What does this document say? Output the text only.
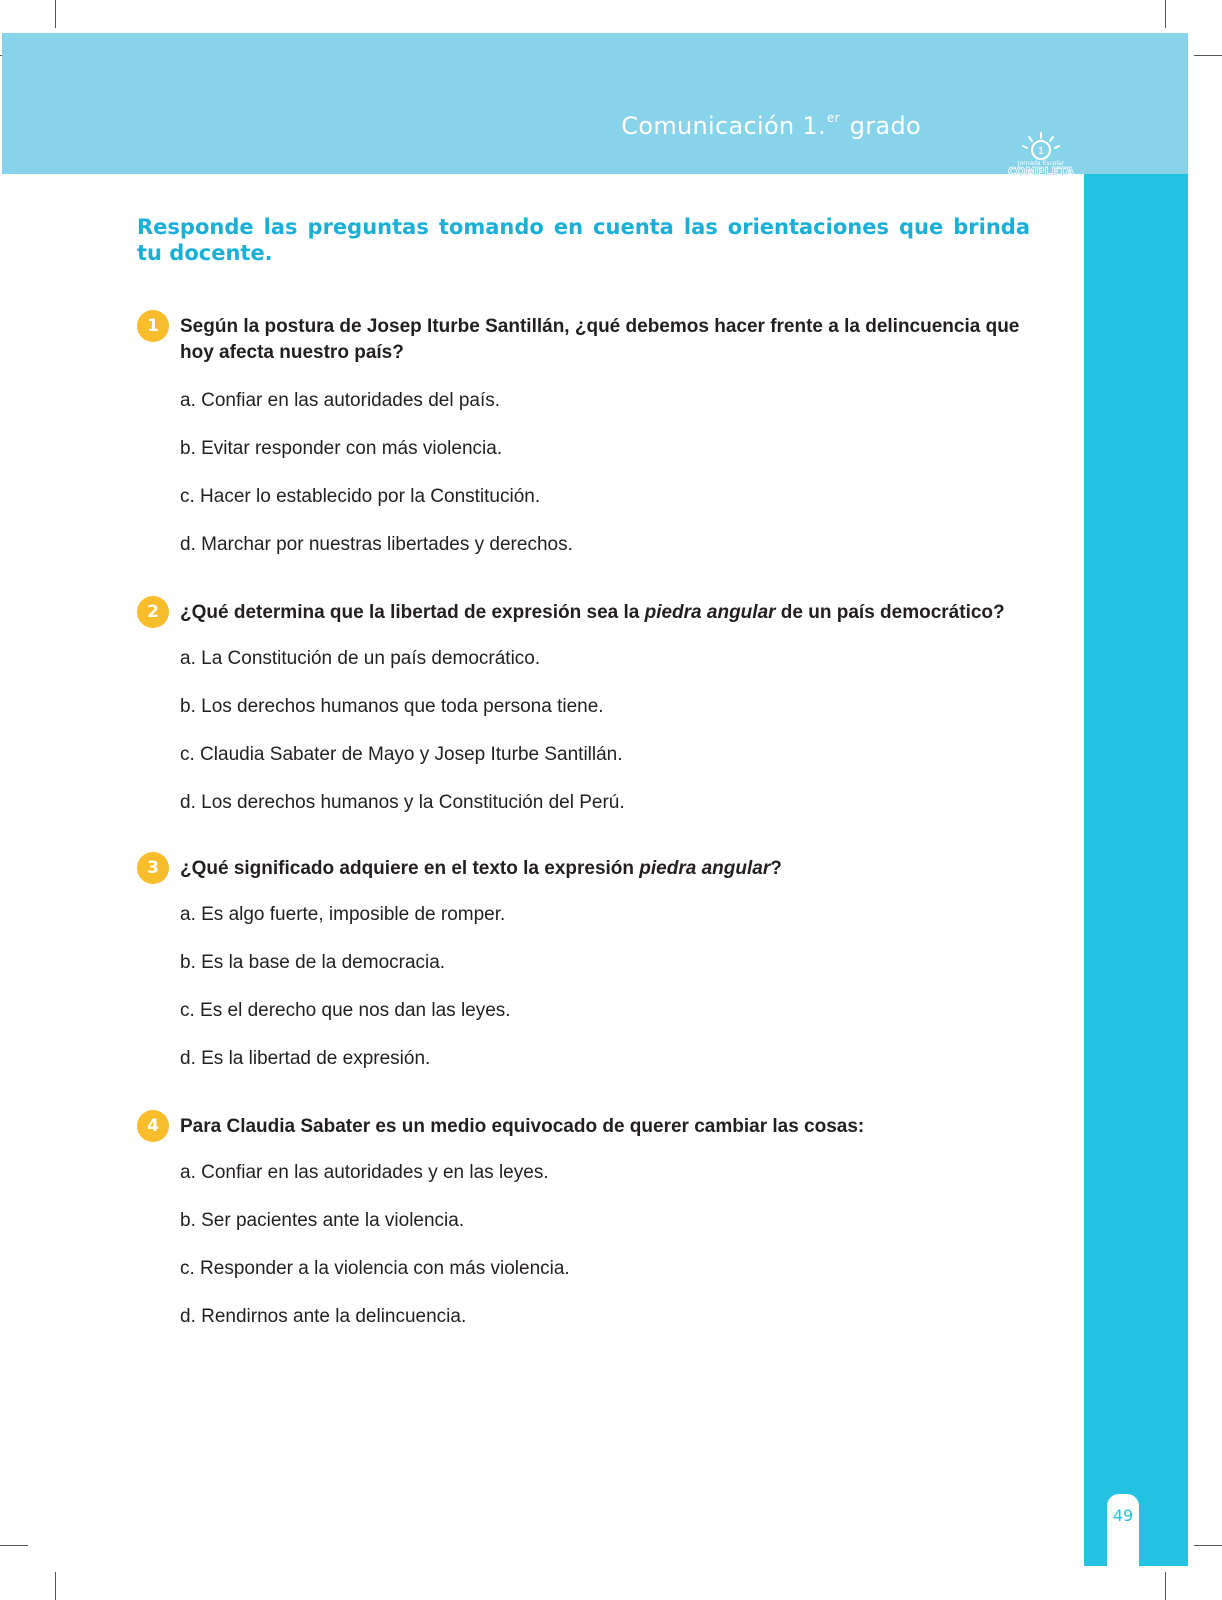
Comunicación 1.$^{er}$ grado
1
Jornada Escolar
COMPLETA
SECUNDARIA
49
Responde las preguntas tomando en cuenta las orientaciones que brinda tu docente.
1	Según la postura de Josep Iturbe Santillán, ¿qué debemos hacer frente a la delincuencia que hoy afecta nuestro país?
a. Confiar en las autoridades del país.
b. Evitar responder con más violencia.
c. Hacer lo establecido por la Constitución.
d. Marchar por nuestras libertades y derechos.
2	¿Qué determina que la libertad de expresión sea la piedra angular de un país democrático?
a. La Constitución de un país democrático.
b. Los derechos humanos que toda persona tiene.
c. Claudia Sabater de Mayo y Josep Iturbe Santillán.
d. Los derechos humanos y la Constitución del Perú.
3	¿Qué significado adquiere en el texto la expresión piedra angular?
a. Es algo fuerte, imposible de romper.
b. Es la base de la democracia.
c. Es el derecho que nos dan las leyes.
d. Es la libertad de expresión.
4	Para Claudia Sabater es un medio equivocado de querer cambiar las cosas:
a. Confiar en las autoridades y en las leyes.
b. Ser pacientes ante la violencia.
c. Responder a la violencia con más violencia.
d. Rendirnos ante la delincuencia.
